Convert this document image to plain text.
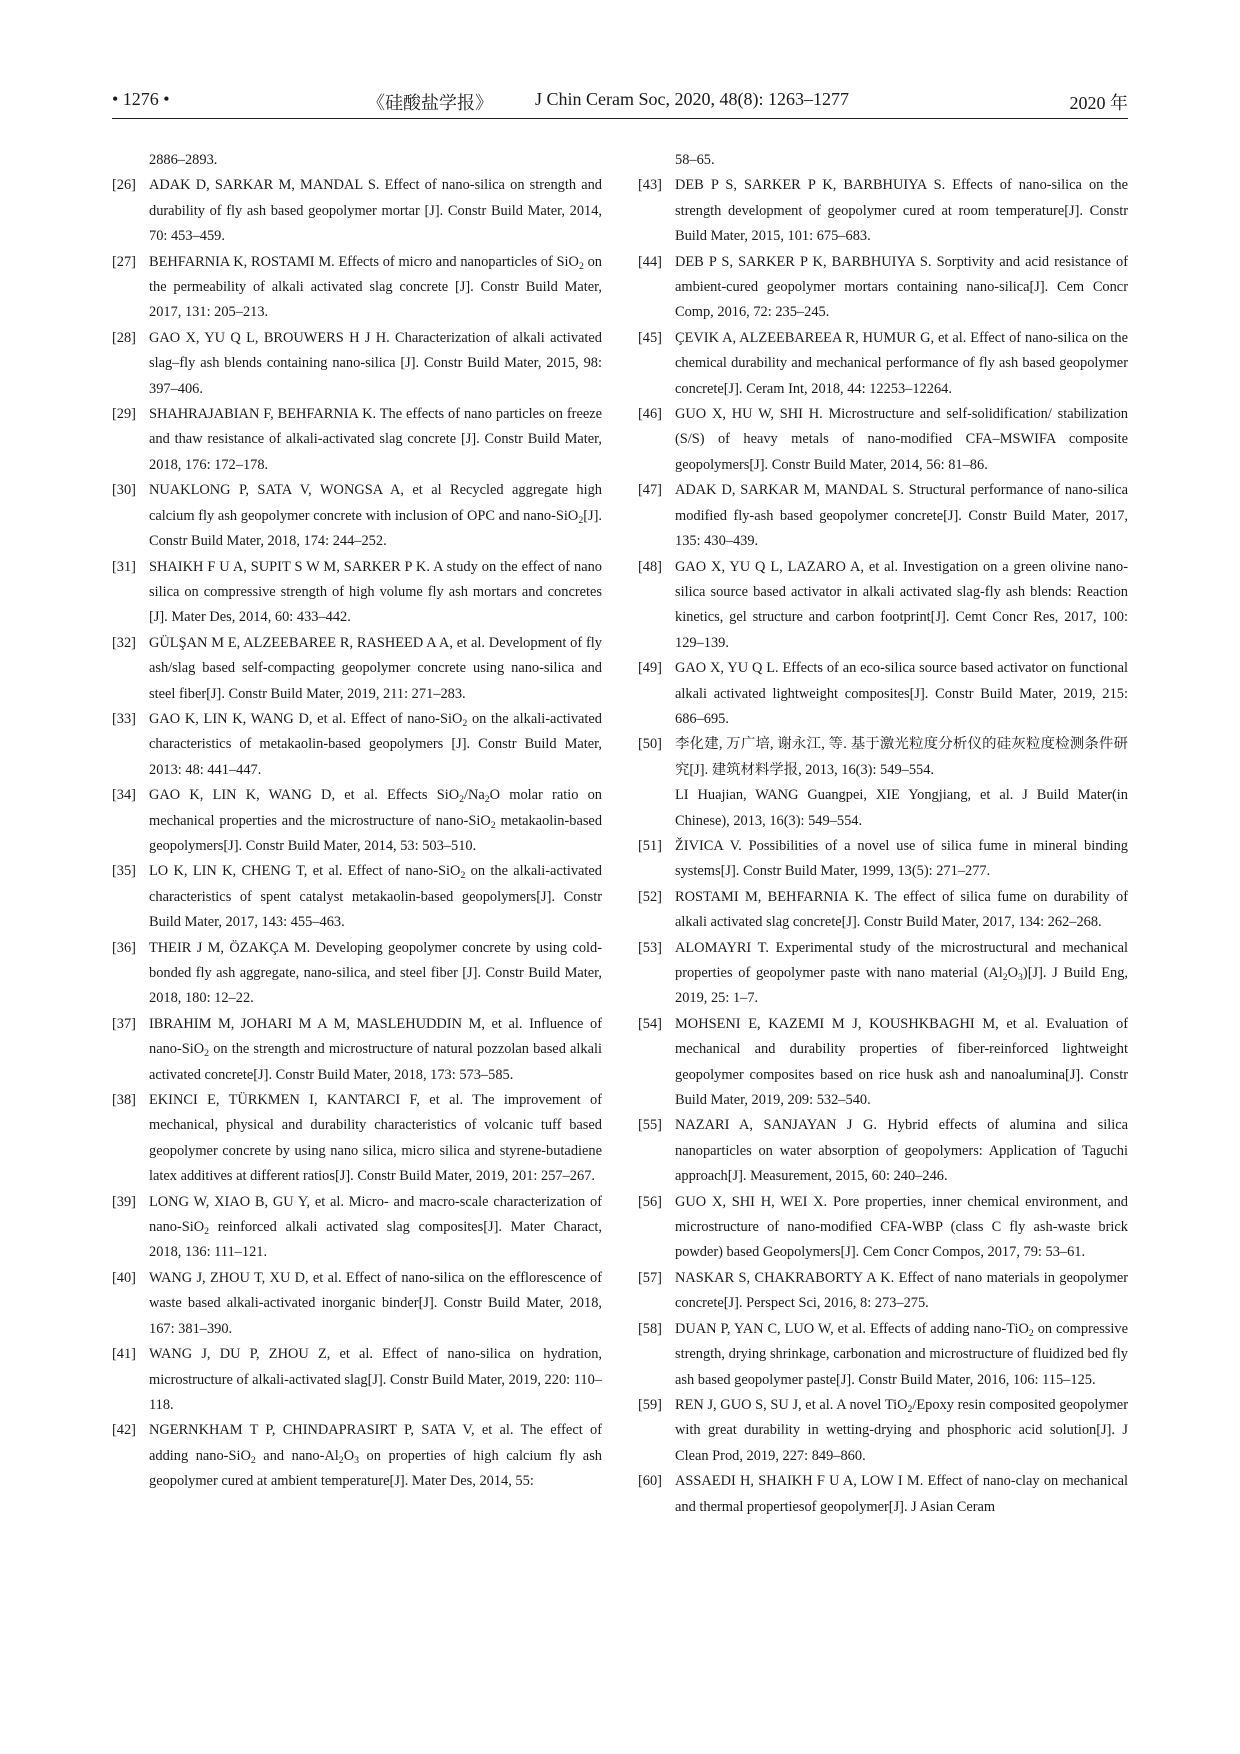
• 1276 •	《硅酸盐学报》 J Chin Ceram Soc, 2020, 48(8): 1263–1277	2020 年
2886–2893.
[26] ADAK D, SARKAR M, MANDAL S. Effect of nano-silica on strength and durability of fly ash based geopolymer mortar [J]. Constr Build Mater, 2014, 70: 453–459.
[27] BEHFARNIA K, ROSTAMI M. Effects of micro and nanoparticles of SiO$_2$ on the permeability of alkali activated slag concrete [J]. Constr Build Mater, 2017, 131: 205–213.
[28] GAO X, YU Q L, BROUWERS H J H. Characterization of alkali activated slag–fly ash blends containing nano-silica [J]. Constr Build Mater, 2015, 98: 397–406.
[29] SHAHRAJABIAN F, BEHFARNIA K. The effects of nano particles on freeze and thaw resistance of alkali-activated slag concrete [J]. Constr Build Mater, 2018, 176: 172–178.
[30] NUAKLONG P, SATA V, WONGSA A, et al Recycled aggregate high calcium fly ash geopolymer concrete with inclusion of OPC and nano-SiO$_2$[J]. Constr Build Mater, 2018, 174: 244–252.
[31] SHAIKH F U A, SUPIT S W M, SARKER P K. A study on the effect of nano silica on compressive strength of high volume fly ash mortars and concretes [J]. Mater Des, 2014, 60: 433–442.
[32] GÜLŞAN M E, ALZEEBAREE R, RASHEED A A, et al. Development of fly ash/slag based self-compacting geopolymer concrete using nano-silica and steel fiber[J]. Constr Build Mater, 2019, 211: 271–283.
[33] GAO K, LIN K, WANG D, et al. Effect of nano-SiO$_2$ on the alkali-activated characteristics of metakaolin-based geopolymers [J]. Constr Build Mater, 2013: 48: 441–447.
[34] GAO K, LIN K, WANG D, et al. Effects $SiO_2/Na_2O$ molar ratio on mechanical properties and the microstructure of nano-SiO$_2$ metakaolin-based geopolymers[J]. Constr Build Mater, 2014, 53: 503–510.
[35] LO K, LIN K, CHENG T, et al. Effect of nano-SiO$_2$ on the alkali-activated characteristics of spent catalyst metakaolin-based geopolymers[J]. Constr Build Mater, 2017, 143: 455–463.
[36] THEIR J M, ÖZAKÇA M. Developing geopolymer concrete by using cold-bonded fly ash aggregate, nano-silica, and steel fiber [J]. Constr Build Mater, 2018, 180: 12–22.
[37] IBRAHIM M, JOHARI M A M, MASLEHUDDIN M, et al. Influence of nano-SiO$_2$ on the strength and microstructure of natural pozzolan based alkali activated concrete[J]. Constr Build Mater, 2018, 173: 573–585.
[38] EKINCI E, TÜRKMEN I, KANTARCI F, et al. The improvement of mechanical, physical and durability characteristics of volcanic tuff based geopolymer concrete by using nano silica, micro silica and styrene-butadiene latex additives at different ratios[J]. Constr Build Mater, 2019, 201: 257–267.
[39] LONG W, XIAO B, GU Y, et al. Micro- and macro-scale characterization of nano-SiO$_2$ reinforced alkali activated slag composites[J]. Mater Charact, 2018, 136: 111–121.
[40] WANG J, ZHOU T, XU D, et al. Effect of nano-silica on the efflorescence of waste based alkali-activated inorganic binder[J]. Constr Build Mater, 2018, 167: 381–390.
[41] WANG J, DU P, ZHOU Z, et al. Effect of nano-silica on hydration, microstructure of alkali-activated slag[J]. Constr Build Mater, 2019, 220: 110–118.
[42] NGERNKHAM T P, CHINDAPRASIRT P, SATA V, et al. The effect of adding nano-SiO$_2$ and nano-$Al_2O_3$ on properties of high calcium fly ash geopolymer cured at ambient temperature[J]. Mater Des, 2014, 55:
58–65.
[43] DEB P S, SARKER P K, BARBHUIYA S. Effects of nano-silica on the strength development of geopolymer cured at room temperature[J]. Constr Build Mater, 2015, 101: 675–683.
[44] DEB P S, SARKER P K, BARBHUIYA S. Sorptivity and acid resistance of ambient-cured geopolymer mortars containing nano-silica[J]. Cem Concr Comp, 2016, 72: 235–245.
[45] ÇEVIK A, ALZEEBAREEA R, HUMUR G, et al. Effect of nano-silica on the chemical durability and mechanical performance of fly ash based geopolymer concrete[J]. Ceram Int, 2018, 44: 12253–12264.
[46] GUO X, HU W, SHI H. Microstructure and self-solidification/ stabilization (S/S) of heavy metals of nano-modified CFA–MSWIFA composite geopolymers[J]. Constr Build Mater, 2014, 56: 81–86.
[47] ADAK D, SARKAR M, MANDAL S. Structural performance of nano-silica modified fly-ash based geopolymer concrete[J]. Constr Build Mater, 2017, 135: 430–439.
[48] GAO X, YU Q L, LAZARO A, et al. Investigation on a green olivine nano-silica source based activator in alkali activated slag-fly ash blends: Reaction kinetics, gel structure and carbon footprint[J]. Cemt Concr Res, 2017, 100: 129–139.
[49] GAO X, YU Q L. Effects of an eco-silica source based activator on functional alkali activated lightweight composites[J]. Constr Build Mater, 2019, 215: 686–695.
[50] 李化建, 万广培, 谢永江, 等. 基于激光粒度分析仪的硅灰粒度检测条件研究[J]. 建筑材料学报, 2013, 16(3): 549–554.
LI Huajian, WANG Guangpei, XIE Yongjiang, et al. J Build Mater(in Chinese), 2013, 16(3): 549–554.
[51] ŽIVICA V. Possibilities of a novel use of silica fume in mineral binding systems[J]. Constr Build Mater, 1999, 13(5): 271–277.
[52] ROSTAMI M, BEHFARNIA K. The effect of silica fume on durability of alkali activated slag concrete[J]. Constr Build Mater, 2017, 134: 262–268.
[53] ALOMAYRI T. Experimental study of the microstructural and mechanical properties of geopolymer paste with nano material $(Al_2O_3)[J]$. J Build Eng, 2019, 25: 1–7.
[54] MOHSENI E, KAZEMI M J, KOUSHKBAGHI M, et al. Evaluation of mechanical and durability properties of fiber-reinforced lightweight geopolymer composites based on rice husk ash and nanoalumina[J]. Constr Build Mater, 2019, 209: 532–540.
[55] NAZARI A, SANJAYAN J G. Hybrid effects of alumina and silica nanoparticles on water absorption of geopolymers: Application of Taguchi approach[J]. Measurement, 2015, 60: 240–246.
[56] GUO X, SHI H, WEI X. Pore properties, inner chemical environment, and microstructure of nano-modified CFA-WBP (class C fly ash-waste brick powder) based Geopolymers[J]. Cem Concr Compos, 2017, 79: 53–61.
[57] NASKAR S, CHAKRABORTY A K. Effect of nano materials in geopolymer concrete[J]. Perspect Sci, 2016, 8: 273–275.
[58] DUAN P, YAN C, LUO W, et al. Effects of adding nano-TiO$_2$ on compressive strength, drying shrinkage, carbonation and microstructure of fluidized bed fly ash based geopolymer paste[J]. Constr Build Mater, 2016, 106: 115–125.
[59] REN J, GUO S, SU J, et al. A novel TiO$_2$/Epoxy resin composited geopolymer with great durability in wetting-drying and phosphoric acid solution[J]. J Clean Prod, 2019, 227: 849–860.
[60] ASSAEDI H, SHAIKH F U A, LOW I M. Effect of nano-clay on mechanical and thermal propertiesof geopolymer[J]. J Asian Ceram
